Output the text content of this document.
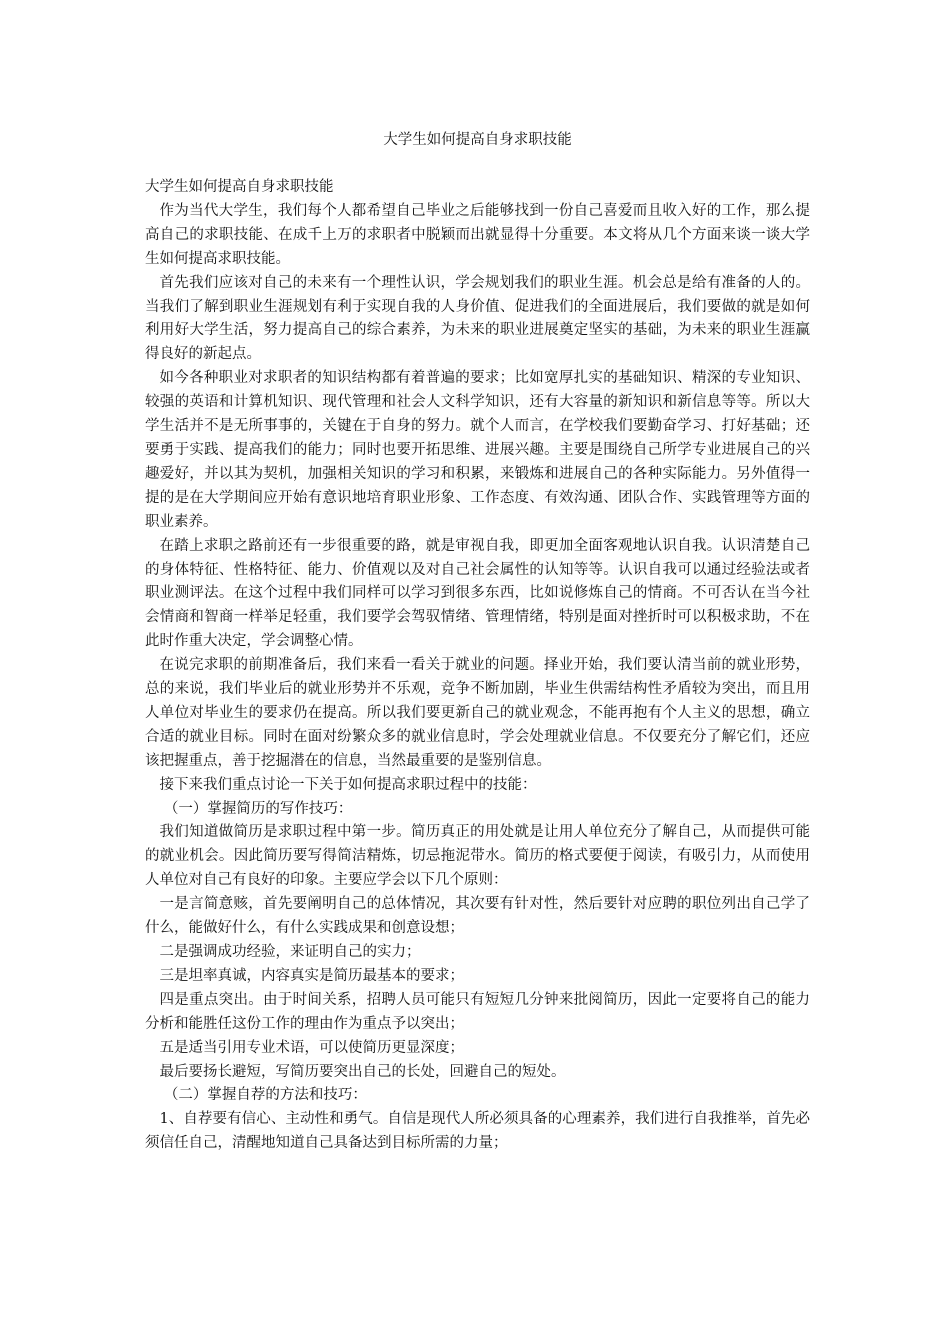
大学生如何提高自身求职技能

大学生如何提高自身求职技能

作为当代大学生，我们每个人都希望自己毕业之后能够找到一份自己喜爱而且收入好的工作，那么提高自己的求职技能、在成千上万的求职者中脱颖而出就显得十分重要。本文将从几个方面来谈一谈大学生如何提高求职技能。

首先我们应该对自己的未来有一个理性认识，学会规划我们的职业生涯。机会总是给有准备的人的。当我们了解到职业生涯规划有利于实现自我的人身价值、促进我们的全面进展后，我们要做的就是如何利用好大学生活，努力提高自己的综合素养，为未来的职业进展奠定坚实的基础，为未来的职业生涯赢得良好的新起点。

如今各种职业对求职者的知识结构都有着普遍的要求；比如宽厚扎实的基础知识、精深的专业知识、较强的英语和计算机知识、现代管理和社会人文科学知识，还有大容量的新知识和新信息等等。所以大学生活并不是无所事事的，关键在于自身的努力。就个人而言，在学校我们要勤奋学习、打好基础；还要勇于实践、提高我们的能力；同时也要开拓思维、进展兴趣。主要是围绕自己所学专业进展自己的兴趣爱好，并以其为契机，加强相关知识的学习和积累，来锻炼和进展自己的各种实际能力。另外值得一提的是在大学期间应开始有意识地培育职业形象、工作态度、有效沟通、团队合作、实践管理等方面的职业素养。

在踏上求职之路前还有一步很重要的路，就是审视自我，即更加全面客观地认识自我。认识清楚自己的身体特征、性格特征、能力、价值观以及对自己社会属性的认知等等。认识自我可以通过经验法或者职业测评法。在这个过程中我们同样可以学习到很多东西，比如说修炼自己的情商。不可否认在当今社会情商和智商一样举足轻重，我们要学会驾驭情绪、管理情绪，特别是面对挫折时可以积极求助，不在此时作重大决定，学会调整心情。

在说完求职的前期准备后，我们来看一看关于就业的问题。择业开始，我们要认清当前的就业形势，总的来说，我们毕业后的就业形势并不乐观，竞争不断加剧，毕业生供需结构性矛盾较为突出，而且用人单位对毕业生的要求仍在提高。所以我们要更新自己的就业观念，不能再抱有个人主义的思想，确立合适的就业目标。同时在面对纷繁众多的就业信息时，学会处理就业信息。不仅要充分了解它们，还应该把握重点，善于挖掘潜在的信息，当然最重要的是鉴别信息。

接下来我们重点讨论一下关于如何提高求职过程中的技能：

（一）掌握简历的写作技巧：

我们知道做简历是求职过程中第一步。简历真正的用处就是让用人单位充分了解自己，从而提供可能的就业机会。因此简历要写得简洁精炼，切忌拖泥带水。简历的格式要便于阅读，有吸引力，从而使用人单位对自己有良好的印象。主要应学会以下几个原则：

一是言简意赅，首先要阐明自己的总体情况，其次要有针对性，然后要针对应聘的职位列出自己学了什么，能做好什么，有什么实践成果和创意设想；

二是强调成功经验，来证明自己的实力；

三是坦率真诚，内容真实是简历最基本的要求；

四是重点突出。由于时间关系，招聘人员可能只有短短几分钟来批阅简历，因此一定要将自己的能力分析和能胜任这份工作的理由作为重点予以突出；

五是适当引用专业术语，可以使简历更显深度；

最后要扬长避短，写简历要突出自己的长处，回避自己的短处。

（二）掌握自荐的方法和技巧：

1、自荐要有信心、主动性和勇气。自信是现代人所必须具备的心理素养，我们进行自我推举，首先必须信任自己，清醒地知道自己具备达到目标所需的力量；
